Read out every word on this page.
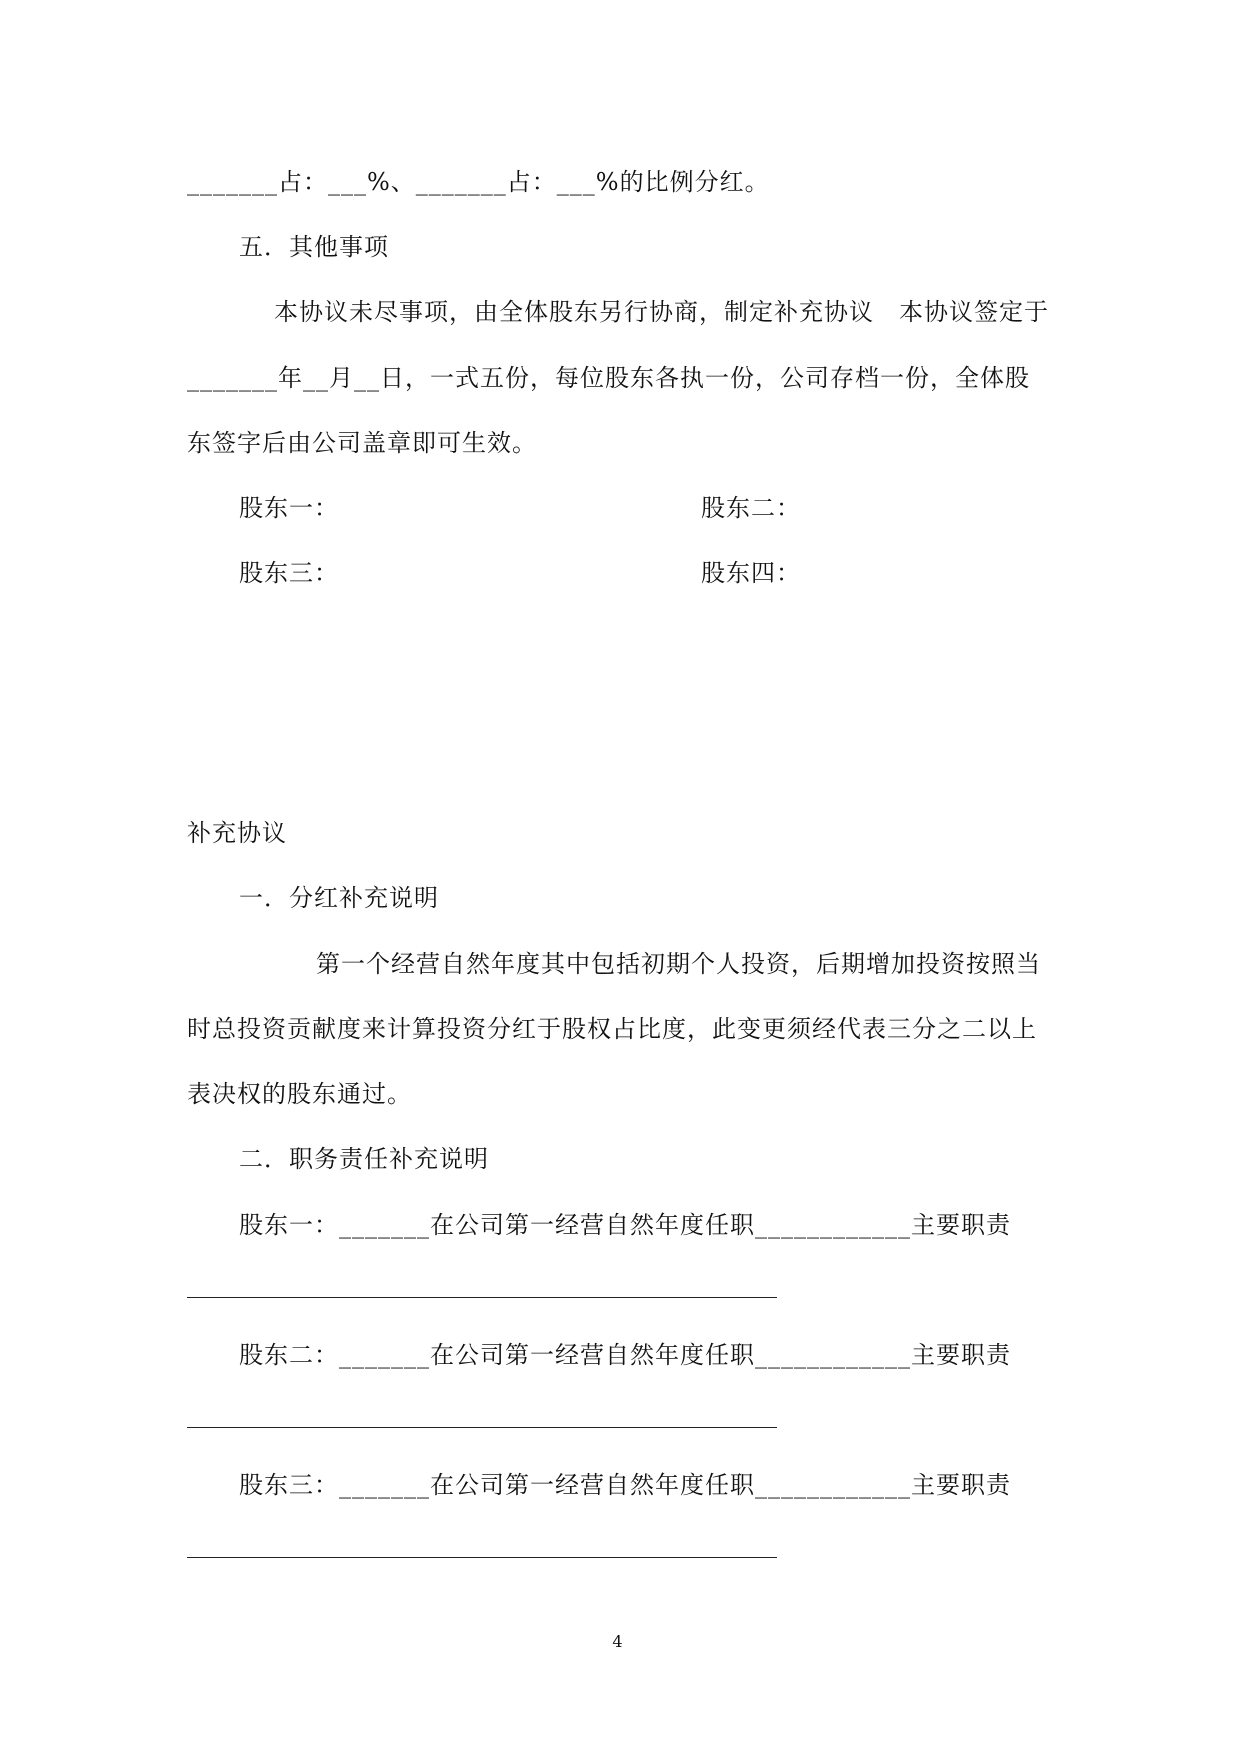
_______占：___%、_______占：___%的比例分红。
五．其他事项
本协议未尽事项，由全体股东另行协商，制定补充协议　本协议签定于
_______年__月__日，一式五份，每位股东各执一份，公司存档一份，全体股
东签字后由公司盖章即可生效。
股东一：	股东二：
股东三：	股东四：
补充协议
一．分红补充说明
第一个经营自然年度其中包括初期个人投资，后期增加投资按照当
时总投资贡献度来计算投资分红于股权占比度，此变更须经代表三分之二以上
表决权的股东通过。
二．职务责任补充说明
股东一：_______在公司第一经营自然年度任职____________主要职责
股东二：_______在公司第一经营自然年度任职____________主要职责
股东三：_______在公司第一经营自然年度任职____________主要职责
4
